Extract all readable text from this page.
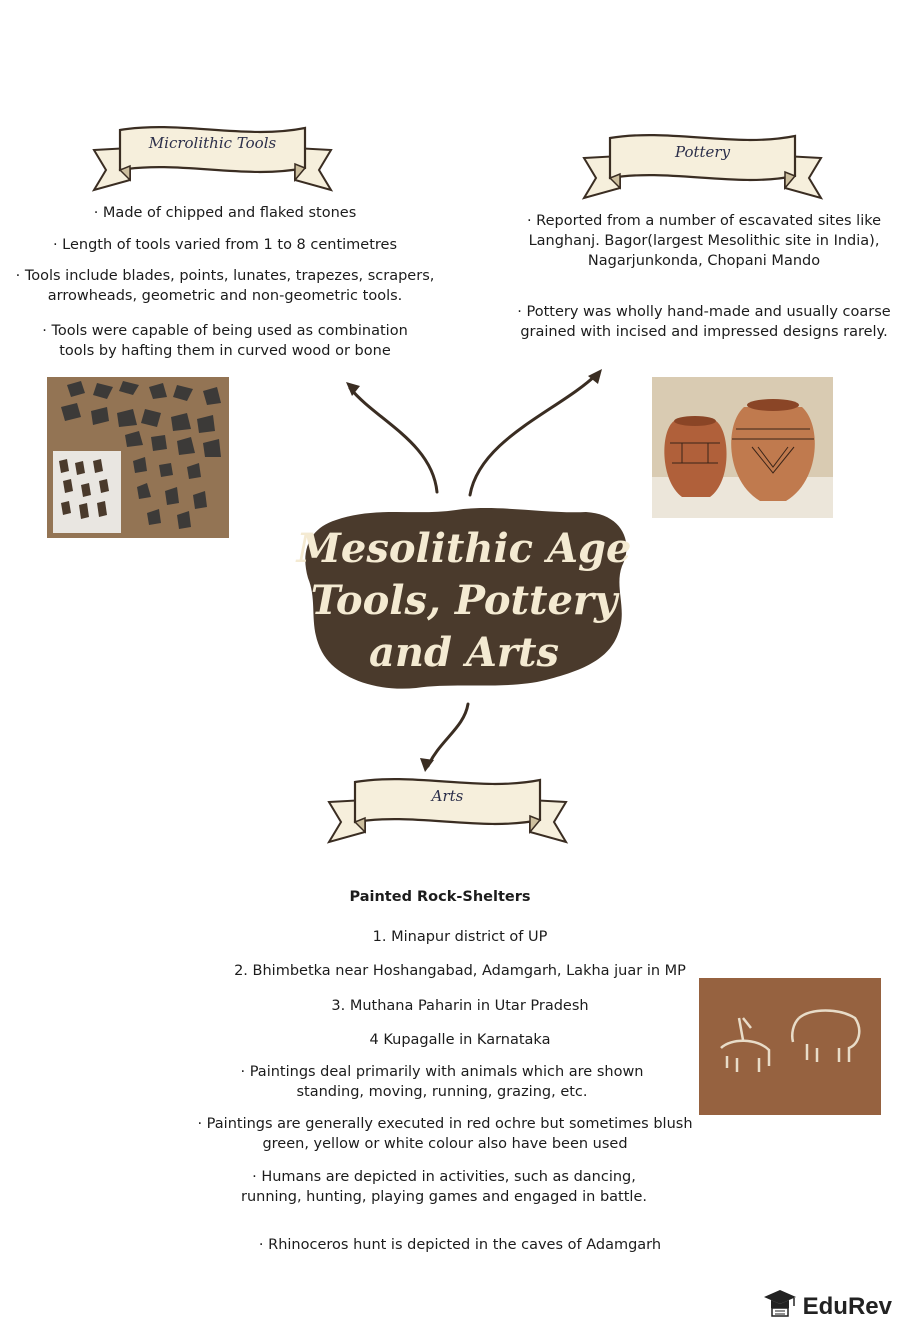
Microlithic Tools	Pottery
Arts
· Made of chipped and flaked stones
· Length of tools varied from 1 to 8 centimetres
· Tools include blades, points, lunates, trapezes, scrapers, arrowheads, geometric and non-geometric tools.
· Tools were capable of being used as combination tools by hafting them in curved wood or bone
· Reported from a number of escavated sites like Langhanj. Bagor(largest Mesolithic site in India), Nagarjunkonda, Chopani Mando
· Pottery was wholly hand-made and usually coarse grained with incised and impressed designs rarely.
Mesolithic Age
Tools, Pottery
and Arts
Painted Rock-Shelters
1. Minapur district of UP
2. Bhimbetka near Hoshangabad, Adamgarh, Lakha juar in MP
3. Muthana Paharin in Utar Pradesh
4 Kupagalle in Karnataka
· Paintings deal primarily with animals which are shown standing, moving, running, grazing, etc.
· Paintings are generally executed in red ochre but sometimes blush green, yellow or white colour also have been used
· Humans are depicted in activities, such as dancing, running, hunting, playing games and engaged in battle.
· Rhinoceros hunt is depicted in the caves of Adamgarh
EduRev
